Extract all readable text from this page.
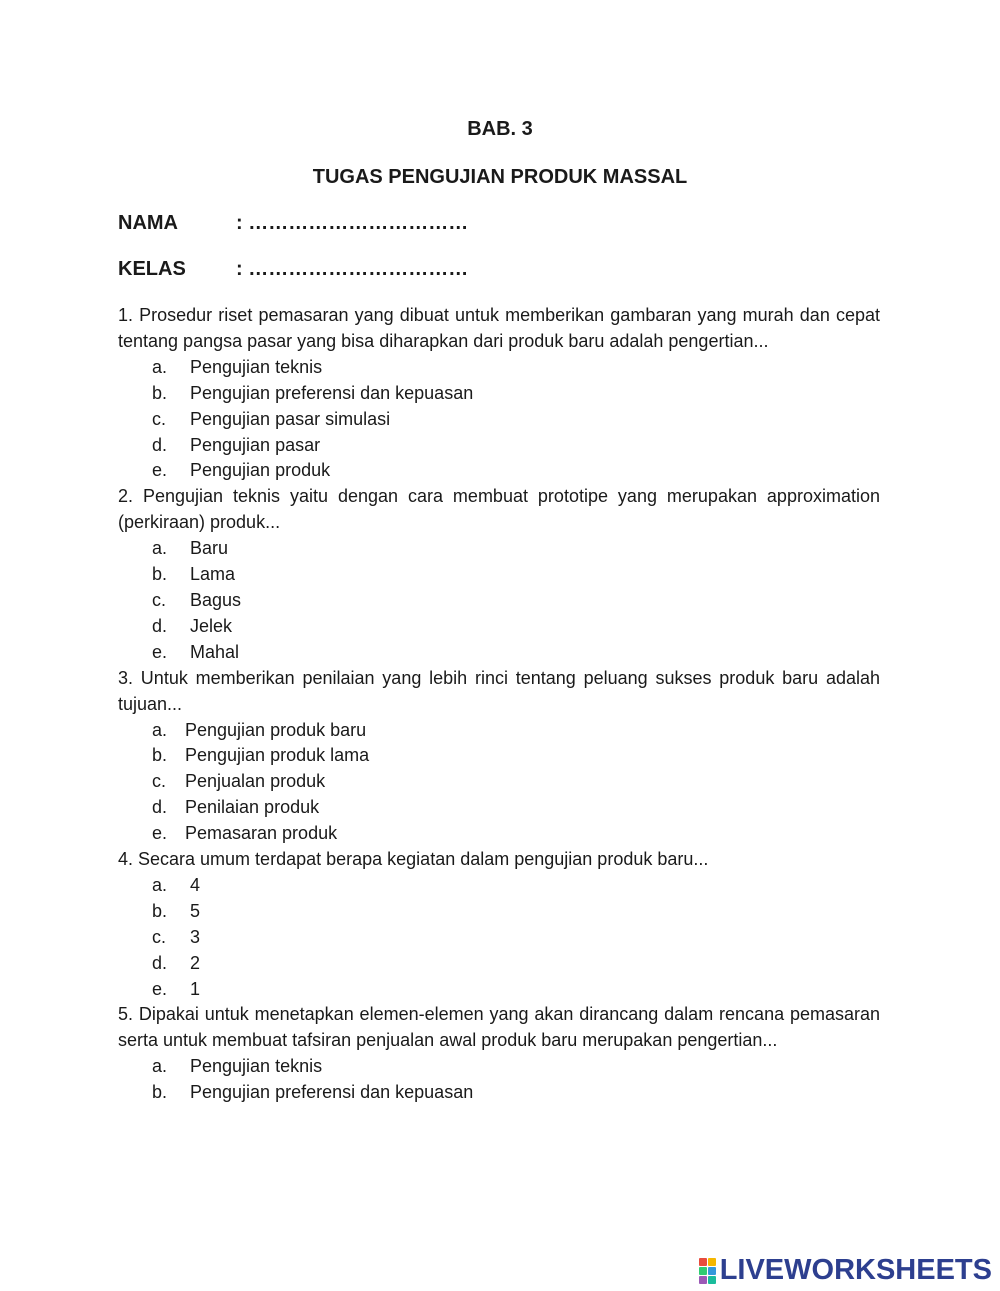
BAB. 3
TUGAS PENGUJIAN PRODUK MASSAL
NAMA	: ……………………………
KELAS	: ……………………………
1. Prosedur riset pemasaran yang dibuat untuk memberikan gambaran yang murah dan cepat tentang pangsa pasar yang bisa diharapkan dari produk baru adalah pengertian...
a. Pengujian teknis
b. Pengujian preferensi dan kepuasan
c. Pengujian pasar simulasi
d. Pengujian pasar
e. Pengujian produk
2. Pengujian teknis yaitu dengan cara membuat prototipe yang merupakan approximation (perkiraan) produk...
a. Baru
b. Lama
c. Bagus
d. Jelek
e. Mahal
3. Untuk memberikan penilaian yang lebih rinci tentang peluang sukses produk baru adalah tujuan...
a. Pengujian produk baru
b. Pengujian produk lama
c. Penjualan produk
d. Penilaian produk
e. Pemasaran produk
4. Secara umum terdapat berapa kegiatan dalam pengujian produk baru...
a. 4
b. 5
c. 3
d. 2
e. 1
5. Dipakai untuk menetapkan elemen-elemen yang akan dirancang dalam rencana pemasaran serta untuk membuat tafsiran penjualan awal produk baru merupakan pengertian...
a. Pengujian teknis
b. Pengujian preferensi dan kepuasan
LIVEWORKSHEETS
